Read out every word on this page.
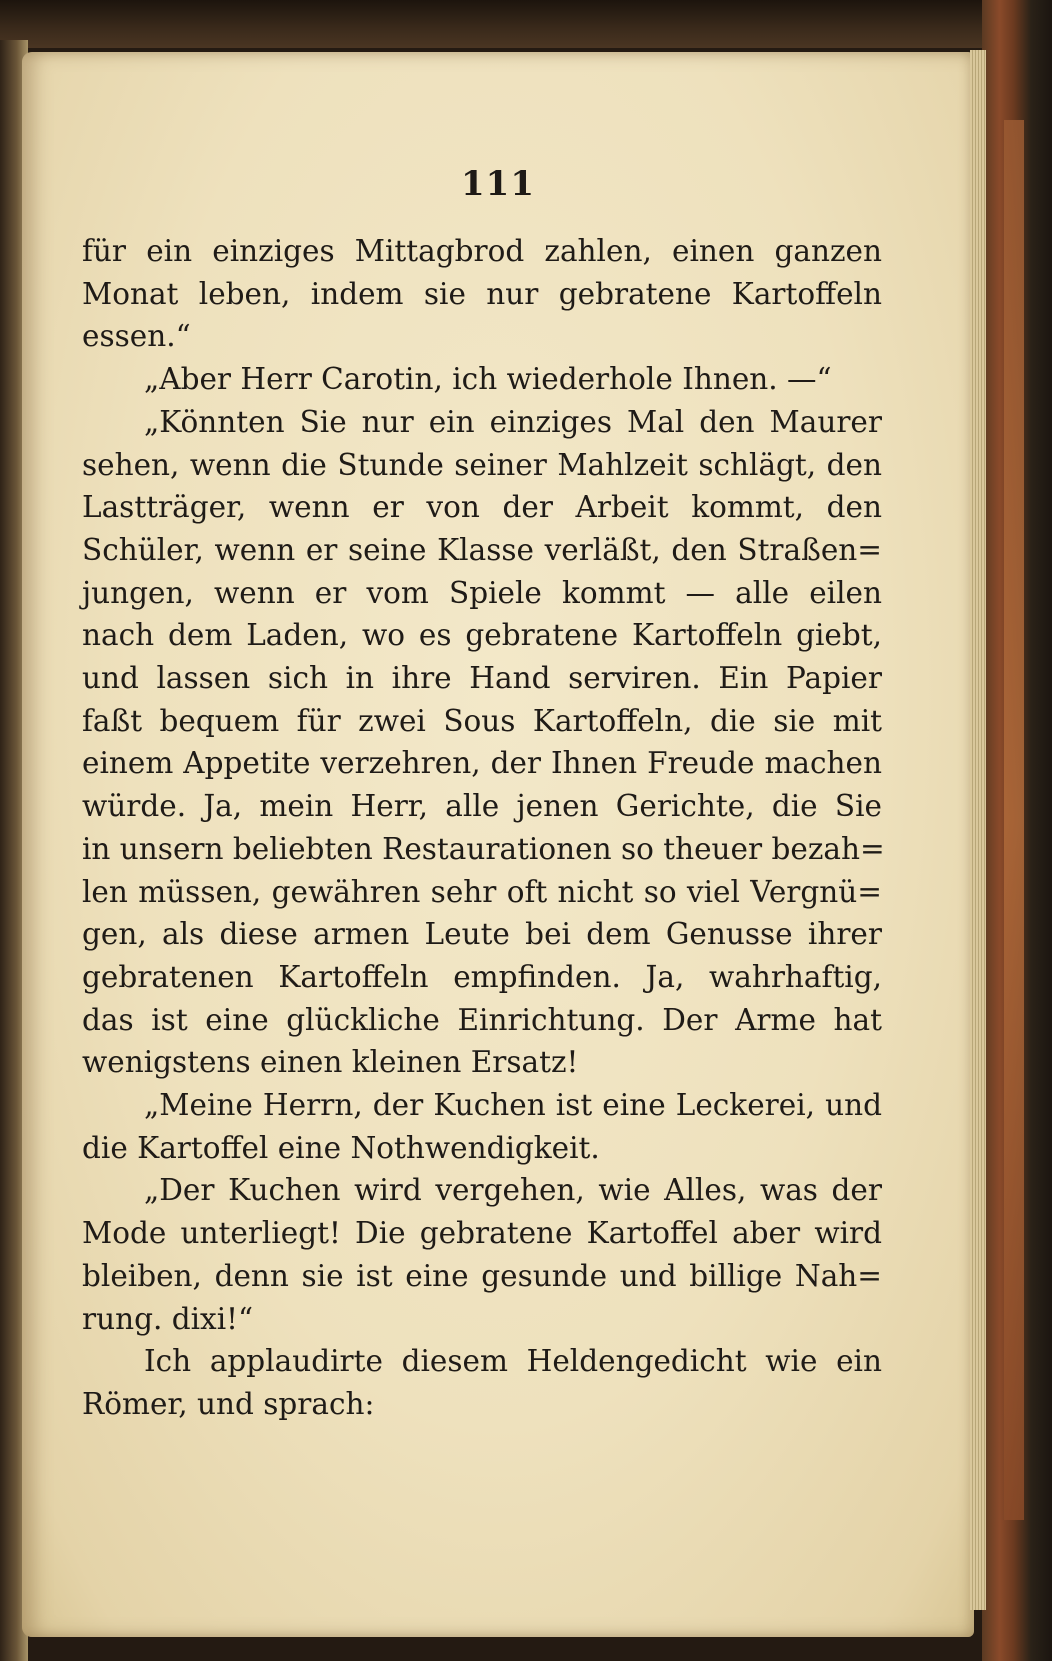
111
für ein einziges Mittagbrod zahlen, einen ganzen
Monat leben, indem sie nur gebratene Kartoffeln
essen.“
„Aber Herr Carotin, ich wiederhole Ihnen. —“
„Könnten Sie nur ein einziges Mal den Maurer
sehen, wenn die Stunde seiner Mahlzeit schlägt, den
Lastträger, wenn er von der Arbeit kommt, den
Schüler, wenn er seine Klasse verläßt, den Straßen=
jungen, wenn er vom Spiele kommt — alle eilen
nach dem Laden, wo es gebratene Kartoffeln giebt,
und lassen sich in ihre Hand serviren. Ein Papier
faßt bequem für zwei Sous Kartoffeln, die sie mit
einem Appetite verzehren, der Ihnen Freude machen
würde. Ja, mein Herr, alle jenen Gerichte, die Sie
in unsern beliebten Restaurationen so theuer bezah=
len müssen, gewähren sehr oft nicht so viel Vergnü=
gen, als diese armen Leute bei dem Genusse ihrer
gebratenen Kartoffeln empfinden. Ja, wahrhaftig,
das ist eine glückliche Einrichtung. Der Arme hat
wenigstens einen kleinen Ersatz!
„Meine Herrn, der Kuchen ist eine Leckerei, und
die Kartoffel eine Nothwendigkeit.
„Der Kuchen wird vergehen, wie Alles, was der
Mode unterliegt! Die gebratene Kartoffel aber wird
bleiben, denn sie ist eine gesunde und billige Nah=
rung. dixi!“
Ich applaudirte diesem Heldengedicht wie ein
Römer, und sprach:
